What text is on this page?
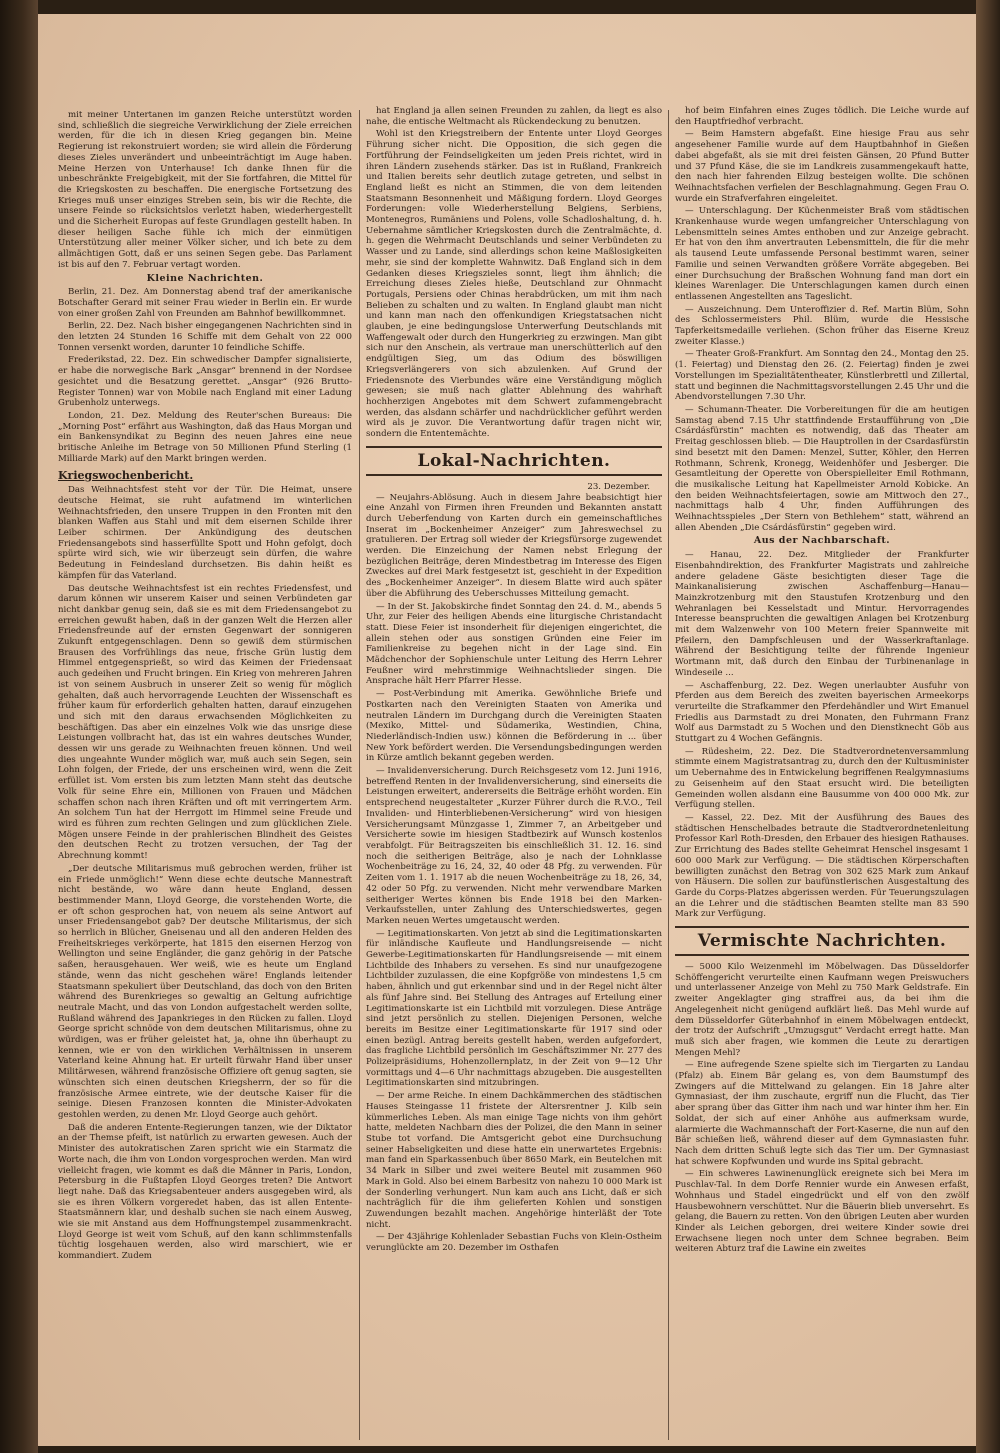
mit meiner Untertanen im ganzen Reiche unterstützt worden sind, schließlich die siegreiche Verwirklichung der Ziele erreichen werden, für die ich in diesen Krieg gegangen bin. Meine Regierung ist rekonstruiert worden; sie wird allein die Förderung dieses Zieles unverändert und unbeeinträchtigt im Auge haben. Meine Herzen von Unterhause! Ich danke Ihnen für die unbeschränkte Freigebigkeit, mit der Sie fortfahren, die Mittel für die Kriegskosten zu beschaffen. Die energische Fortsetzung des Krieges muß unser einziges Streben sein, bis wir die Rechte, die unsere Feinde so rücksichtslos verletzt haben, wiederhergestellt und die Sicherheit Europas auf feste Grundlagen gestellt haben. In dieser heiligen Sache fühle ich mich der einmütigen Unterstützung aller meiner Völker sicher, und ich bete zu dem allmächtigen Gott, daß er uns seinen Segen gebe. Das Parlament ist bis auf den 7. Februar vertagt worden.

Kleine Nachrichten.

Berlin, 21. Dez. Am Donnerstag abend traf der amerikanische Botschafter Gerard mit seiner Frau wieder in Berlin ein. Er wurde von einer großen Zahl von Freunden am Bahnhof bewillkommnet.

Berlin, 22. Dez. Nach bisher eingegangenen Nachrichten sind in den letzten 24 Stunden 16 Schiffe mit dem Gehalt von 22 000 Tonnen versenkt worden, darunter 10 feindliche Schiffe.

Frederikstad, 22. Dez. Ein schwedischer Dampfer signalisierte, er habe die norwegische Bark „Ansgar“ brennend in der Nordsee gesichtet und die Besatzung gerettet. „Ansgar“ (926 Brutto-Register Tonnen) war von Mobile nach England mit einer Ladung Grubenholz unterwegs.

London, 21. Dez. Meldung des Reuter'schen Bureaus: Die „Morning Post“ erfährt aus Washington, daß das Haus Morgan und ein Bankensyndikat zu Beginn des neuen Jahres eine neue britische Anleihe im Betrage von 50 Millionen Pfund Sterling (1 Milliarde Mark) auf den Markt bringen werden.

Kriegswochenbericht.

Das Weihnachtsfest steht vor der Tür. Die Heimat, unsere deutsche Heimat, sie ruht aufatmend im winterlichen Weihnachtsfrieden, den unsere Truppen in den Fronten mit den blanken Waffen aus Stahl und mit dem eisernen Schilde ihrer Leiber schirmen. Der Ankündigung des deutschen Friedensangebots sind hasserfüllte Spott und Hohn gefolgt, doch spürte wird sich, wie wir überzeugt sein dürfen, die wahre Bedeutung in Feindesland durchsetzen. Bis dahin heißt es kämpfen für das Vaterland.

Das deutsche Weihnachtsfest ist ein rechtes Friedensfest, und darum können wir unserem Kaiser und seinen Verbündeten gar nicht dankbar genug sein, daß sie es mit dem Friedensangebot zu erreichen gewußt haben, daß in der ganzen Welt die Herzen aller Friedensfreunde auf der ernsten Gegenwart der sonnigeren Zukunft entgegenschlagen. Denn so gewiß dem stürmischen Brausen des Vorfrühlings das neue, frische Grün lustig dem Himmel entgegensprießt, so wird das Keimen der Friedensaat auch gedeihen und Frucht bringen. Ein Krieg von mehreren Jahren ist von seinem Ausbruch in unserer Zeit so wenig für möglich gehalten, daß auch hervorragende Leuchten der Wissenschaft es früher kaum für erforderlich gehalten hatten, darauf einzugehen und sich mit den daraus erwachsenden Möglichkeiten zu beschäftigen. Das aber ein einzelnes Volk wie das unsrige diese Leistungen vollbracht hat, das ist ein wahres deutsches Wunder, dessen wir uns gerade zu Weihnachten freuen können. Und weil dies ungeahnte Wunder möglich war, muß auch sein Segen, sein Lohn folgen, der Friede, der uns erscheinen wird, wenn die Zeit erfüllet ist. Vom ersten bis zum letzten Mann steht das deutsche Volk für seine Ehre ein, Millionen von Frauen und Mädchen schaffen schon nach ihren Kräften und oft mit verringertem Arm. An solchem Tun hat der Herrgott im Himmel seine Freude und wird es führen zum rechten Gelingen und zum glücklichen Ziele. Mögen unsere Feinde in der prahlerischen Blindheit des Geistes den deutschen Recht zu trotzen versuchen, der Tag der Abrechnung kommt!

„Der deutsche Militarismus muß gebrochen werden, früher ist ein Friede unmöglich!“ Wenn diese echte deutsche Mannestraft nicht bestände, wo wäre dann heute England, dessen bestimmender Mann, Lloyd George, die vorstehenden Worte, die er oft schon gesprochen hat, von neuem als seine Antwort auf unser Friedensangebot gab? Der deutsche Militarismus, der sich so herrlich in Blücher, Gneisenau und all den anderen Helden des Freiheitskrieges verkörperte, hat 1815 den eisernen Herzog von Wellington und seine Engländer, die ganz gehörig in der Patsche saßen, herausgehauen. Wer weiß, wie es heute um England stände, wenn das nicht geschehen wäre! Englands leitender Staatsmann spekuliert über Deutschland, das doch von den Briten während des Burenkrieges so gewaltig an Geltung aufrichtige neutrale Macht, und das von London aufgestachelt werden sollte, Rußland während des Japankrieges in den Rücken zu fallen. Lloyd George spricht schnöde von dem deutschen Militarismus, ohne zu würdigen, was er früher geleistet hat, ja, ohne ihn überhaupt zu kennen, wie er von den wirklichen Verhältnissen in unserem Vaterland keine Ahnung hat. Er urteilt fürwahr Hand über unser Militärwesen, während französische Offiziere oft genug sagten, sie wünschten sich einen deutschen Kriegsherrn, der so für die französische Armee eintrete, wie der deutsche Kaiser für die seinige. Diesen Franzosen konnten die Minister-Advokaten gestohlen werden, zu denen Mr. Lloyd George auch gehört.

Daß die anderen Entente-Regierungen tanzen, wie der Diktator an der Themse pfeift, ist natürlich zu erwarten gewesen. Auch der Minister des autokratischen Zaren spricht wie ein Starmatz die Worte nach, die ihm von London vorgesprochen werden. Man wird vielleicht fragen, wie kommt es daß die Männer in Paris, London, Petersburg in die Fußtapfen Lloyd Georges treten? Die Antwort liegt nahe. Daß das Kriegsabenteuer anders ausgegeben wird, als sie es ihren Völkern vorgeredet haben, das ist allen Entente-Staatsmännern klar, und deshalb suchen sie nach einem Ausweg, wie sie mit Anstand aus dem Hoffnungstempel zusammenkracht. Lloyd George ist weit vom Schuß, auf den kann schlimmstenfalls tüchtig losgehauen werden, also wird marschiert, wie er kommandiert. Zudem

hat England ja allen seinen Freunden zu zahlen, da liegt es also nahe, die entische Weltmacht als Rückendeckung zu benutzen.

Wohl ist den Kriegstreibern der Entente unter Lloyd Georges Führung sicher nicht. Die Opposition, die sich gegen die Fortführung der Feindseligkeiten um jeden Preis richtet, wird in ihren Ländern zusehends stärker. Das ist in Rußland, Frankreich und Italien bereits sehr deutlich zutage getreten, und selbst in England ließt es nicht an Stimmen, die von dem leitenden Staatsmann Besonnenheit und Mäßigung fordern. Lloyd Georges Forderungen: volle Wiederherstellung Belgiens, Serbiens, Montenegros, Rumäniens und Polens, volle Schadloshaltung, d. h. Uebernahme sämtlicher Kriegskosten durch die Zentralmächte, d. h. gegen die Wehrmacht Deutschlands und seiner Verbündeten zu Wasser und zu Lande, sind allerdings schon keine Maßlosigkeiten mehr, sie sind der komplette Wahnwitz. Daß England sich in dem Gedanken dieses Kriegszieles sonnt, liegt ihm ähnlich; die Erreichung dieses Zieles hieße, Deutschland zur Ohnmacht Portugals, Persiens oder Chinas herabdrücken, um mit ihm nach Belieben zu schalten und zu walten. In England glaubt man nicht und kann man nach den offenkundigen Kriegstatsachen nicht glauben, je eine bedingungslose Unterwerfung Deutschlands mit Waffengewalt oder durch den Hungerkrieg zu erzwingen. Man gibt sich nur den Anschein, als vertraue man unerschütterlich auf den endgültigen Sieg, um das Odium des böswilligen Kriegsverlängerers von sich abzulenken. Auf Grund der Friedensnote des Vierbundes wäre eine Verständigung möglich gewesen; sie muß nach glatter Ablehnung des wahrhaft hochherzigen Angebotes mit dem Schwert zufammengebracht werden, das alsdann schärfer und nachdrücklicher geführt werden wird als je zuvor. Die Verantwortung dafür tragen nicht wir, sondern die Ententemächte.

Lokal-Nachrichten.
23. Dezember.

— Neujahrs-Ablösung. Auch in diesem Jahre beabsichtigt hier eine Anzahl von Firmen ihren Freunden und Bekannten anstatt durch Ueberfendung von Karten durch ein gemeinschaftliches Inserat im „Bockenheimer Anzeiger“ zum Jahreswechsel zu gratulieren. Der Ertrag soll wieder der Kriegsfürsorge zugewendet werden. Die Einzeichung der Namen nebst Erlegung der bezüglichen Beiträge, deren Mindestbetrag im Interesse des Eigen Zweckes auf drei Mark festgesetzt ist, geschieht in der Expedition des „Bockenheimer Anzeiger“. In diesem Blatte wird auch später über die Abführung des Ueberschusses Mitteilung gemacht.

— In der St. Jakobskirche findet Sonntag den 24. d. M., abends 5 Uhr, zur Feier des heiligen Abends eine liturgische Christandacht statt. Diese Feier ist insonderheit für diejenigen eingerichtet, die allein stehen oder aus sonstigen Gründen eine Feier im Familienkreise zu begehen nicht in der Lage sind. Ein Mädchenchor der Sophienschule unter Leitung des Herrn Lehrer Feußner wird mehrstimmige Weihnachtslieder singen. Die Ansprache hält Herr Pfarrer Hesse.

— Post-Verbindung mit Amerika. Gewöhnliche Briefe und Postkarten nach den Vereinigten Staaten von Amerika und neutralen Ländern im Durchgang durch die Vereinigten Staaten (Mexiko, Mittel- und Südamerika, Westindien, China, Niederländisch-Indien usw.) können die Beförderung in ... über New York befördert werden. Die Versendungsbedingungen werden in Kürze amtlich bekannt gegeben werden.

— Invalidenversicherung. Durch Reichsgesetz vom 12. Juni 1916, betreffend Renten in der Invalidenversicherung, sind einerseits die Leistungen erweitert, andererseits die Beiträge erhöht worden. Ein entsprechend neugestalteter „Kurzer Führer durch die R.V.O., Teil Invaliden- und Hinterbliebenen-Versicherung“ wird von hiesigen Versicherungsamt Münzgasse 1, Zimmer 7, an Arbeitgeber und Versicherte sowie im hiesigen Stadtbezirk auf Wunsch kostenlos verabfolgt. Für Beitragszeiten bis einschließlich 31. 12. 16. sind noch die seitherigen Beiträge, also je nach der Lohnklasse Wochenbeiträge zu 16, 24, 32, 40 oder 48 Pfg. zu verwenden. Für Zeiten vom 1. 1. 1917 ab die neuen Wochenbeiträge zu 18, 26, 34, 42 oder 50 Pfg. zu verwenden. Nicht mehr verwendbare Marken seitheriger Wertes können bis Ende 1918 bei den Marken-Verkaufsstellen, unter Zahlung des Unterschiedswertes, gegen Marken neuen Wertes umgetauscht werden.

— Legitimationskarten. Von jetzt ab sind die Legitimationskarten für inländische Kaufleute und Handlungsreisende — nicht Gewerbe-Legitimationskarten für Handlungsreisende — mit einem Lichtbilde des Inhabers zu versehen. Es sind nur unaufgezogene Lichtbilder zuzulassen, die eine Kopfgröße von mindestens 1,5 cm haben, ähnlich und gut erkennbar sind und in der Regel nicht älter als fünf Jahre sind. Bei Stellung des Antrages auf Erteilung einer Legitimationskarte ist ein Lichtbild mit vorzulegen. Diese Anträge sind jetzt persönlich zu stellen. Diejenigen Personen, welche bereits im Besitze einer Legitimationskarte für 1917 sind oder einen bezügl. Antrag bereits gestellt haben, werden aufgefordert, das fragliche Lichtbild persönlich im Geschäftszimmer Nr. 277 des Polizeipräsidiums, Hohenzollernplatz, in der Zeit von 9—12 Uhr vormittags und 4—6 Uhr nachmittags abzugeben. Die ausgestellten Legitimationskarten sind mitzubringen.

— Der arme Reiche. In einem Dachkämmerchen des städtischen Hauses Steingasse 11 fristete der Altersrentner J. Kilb sein kümmerliches Leben. Als man einige Tage nichts von ihm gehört hatte, meldeten Nachbarn dies der Polizei, die den Mann in seiner Stube tot vorfand. Die Amtsgericht gebot eine Durchsuchung seiner Habseligkeiten und diese hatte ein unerwartetes Ergebnis: man fand ein Sparkassenbuch über 8650 Mark, ein Beutelchen mit 34 Mark in Silber und zwei weitere Beutel mit zusammen 960 Mark in Gold. Also bei einem Barbesitz von nahezu 10 000 Mark ist der Sonderling verhungert. Nun kam auch ans Licht, daß er sich nachträglich für die ihm gelieferten Kohlen und sonstigen Zuwendungen bezahlt machen. Angehörige hinterläßt der Tote nicht.

— Der 43jährige Kohlenlader Sebastian Fuchs von Klein-Ostheim verunglückte am 20. Dezember im Osthafen

hof beim Einfahren eines Zuges tödlich. Die Leiche wurde auf den Hauptfriedhof verbracht.

— Beim Hamstern abgefaßt. Eine hiesige Frau aus sehr angesehener Familie wurde auf dem Hauptbahnhof in Gießen dabei abgefaßt, als sie mit drei feisten Gänsen, 20 Pfund Butter und 37 Pfund Käse, die sie im Landkreis zusammengekauft hatte, den nach hier fahrenden Eilzug besteigen wollte. Die schönen Weihnachtsfachen verfielen der Beschlagnahmung. Gegen Frau O. wurde ein Strafverfahren eingeleitet.

— Unterschlagung. Der Küchenmeister Braß vom städtischen Krankenhause wurde wegen umfangreicher Unterschlagung von Lebensmitteln seines Amtes enthoben und zur Anzeige gebracht. Er hat von den ihm anvertrauten Lebensmitteln, die für die mehr als tausend Leute umfassende Personal bestimmt waren, seiner Familie und seinen Verwandten größere Vorräte abgegeben. Bei einer Durchsuchung der Braßschen Wohnung fand man dort ein kleines Warenlager. Die Unterschlagungen kamen durch einen entlassenen Angestellten ans Tageslicht.

— Auszeichnung. Dem Unteroffizier d. Ref. Martin Blüm, Sohn des Schlossermeisters Phil. Blüm, wurde die Hessische Tapferkeitsmedaille verliehen. (Schon früher das Eiserne Kreuz zweiter Klasse.)

— Theater Groß-Frankfurt. Am Sonntag den 24., Montag den 25. (1. Feiertag) und Dienstag den 26. (2. Feiertag) finden je zwei Vorstellungen im Spezialitätentheater, Künstlerbrettl und Zillertal, statt und beginnen die Nachmittagsvorstellungen 2.45 Uhr und die Abendvorstellungen 7.30 Uhr.

— Schumann-Theater. Die Vorbereitungen für die am heutigen Samstag abend 7.15 Uhr stattfindende Erstaufführung von „Die Csárdásfürstin“ machten es notwendig, daß das Theater am Freitag geschlossen blieb. — Die Hauptrollen in der Csardasfürstin sind besetzt mit den Damen: Menzel, Sutter, Köhler, den Herren Rothmann, Schrenk, Kronegg, Weidenhöfer und Jesberger. Die Gesamtleitung der Operette von Oberspielleiter Emil Rothmann, die musikalische Leitung hat Kapellmeister Arnold Kobicke. An den beiden Weihnachtsfeiertagen, sowie am Mittwoch den 27., nachmittags halb 4 Uhr, finden Aufführungen des Weihnachtsspieles „Der Stern von Bethlehem“ statt, während an allen Abenden „Die Csárdásfürstin“ gegeben wird.

Aus der Nachbarschaft.

— Hanau, 22. Dez. Mitglieder der Frankfurter Eisenbahndirektion, des Frankfurter Magistrats und zahlreiche andere geladene Gäste besichtigten dieser Tage die Mainkanalisierung zwischen Aschaffenburg—Hanau—Mainzkrotzenburg mit den Staustufen Krotzenburg und den Wehranlagen bei Kesselstadt und Mintur. Hervorragendes Interesse beanspruchten die gewaltigen Anlagen bei Krotzenburg mit dem Walzenwehr von 100 Metern freier Spannweite mit Pfeilern, den Dampfschleusen und der Wasserkraftanlage. Während der Besichtigung teilte der führende Ingenieur Wortmann mit, daß durch den Einbau der Turbinenanlage in Windeseile ...

— Aschaffenburg, 22. Dez. Wegen unerlaubter Ausfuhr von Pferden aus dem Bereich des zweiten bayerischen Armeekorps verurteilte die Strafkammer den Pferdehändler und Wirt Emanuel Friedlis aus Darmstadt zu drei Monaten, den Fuhrmann Franz Wolf aus Darmstadt zu 5 Wochen und den Dienstknecht Göb aus Stuttgart zu 4 Wochen Gefängnis.

— Rüdesheim, 22. Dez. Die Stadtverordnetenversammlung stimmte einem Magistratsantrag zu, durch den der Kultusminister um Uebernahme des in Entwickelung begriffenen Realgymnasiums zu Geisenheim auf den Staat ersucht wird. Die beteiligten Gemeinden wollen alsdann eine Bausumme von 400 000 Mk. zur Verfügung stellen.

— Kassel, 22. Dez. Mit der Ausführung des Baues des städtischen Henschelbades betraute die Stadtverordnetenleitung Professor Karl Roth-Dresden, den Erbauer des hiesigen Rathauses. Zur Errichtung des Bades stellte Geheimrat Henschel insgesamt 1 600 000 Mark zur Verfügung. — Die städtischen Körperschaften bewilligten zunächst den Betrag von 302 625 Mark zum Ankauf von Häusern. Die sollen zur baufünstlerischen Ausgestaltung des Garde du Corps-Platzes abgerissen werden. Für Teuerungszulagen an die Lehrer und die städtischen Beamten stellte man 83 590 Mark zur Verfügung.

Vermischte Nachrichten.

— 5000 Kilo Weizenmehl im Möbelwagen. Das Düsseldorfer Schöffengericht verurteilte einen Kaufmann wegen Preiswuchers und unterlassener Anzeige von Mehl zu 750 Mark Geldstrafe. Ein zweiter Angeklagter ging straffrei aus, da bei ihm die Angelegenheit nicht genügend aufklärt ließ. Das Mehl wurde auf dem Düsseldorfer Güterbahnhof in einem Möbelwagen entdeckt, der trotz der Aufschrift „Umzugsgut“ Verdacht erregt hatte. Man muß sich aber fragen, wie kommen die Leute zu derartigen Mengen Mehl?

— Eine aufregende Szene spielte sich im Tiergarten zu Landau (Pfalz) ab. Einem Bär gelang es, von dem Baumstumpf des Zwingers auf die Mittelwand zu gelangen. Ein 18 Jahre alter Gymnasiast, der ihm zuschaute, ergriff nun die Flucht, das Tier aber sprang über das Gitter ihm nach und war hinter ihm her. Ein Soldat, der sich auf einer Anhöhe aus aufmerksam wurde, alarmierte die Wachmannschaft der Fort-Kaserne, die nun auf den Bär schießen ließ, während dieser auf dem Gymnasiasten fuhr. Nach dem dritten Schuß legte sich das Tier um. Der Gymnasiast hat schwere Kopfwunden und wurde ins Spital gebracht.

— Ein schweres Lawinenunglück ereignete sich bei Mera im Puschlav-Tal. In dem Dorfe Rennier wurde ein Anwesen erfaßt, Wohnhaus und Stadel eingedrückt und elf von den zwölf Hausbewohnern verschüttet. Nur die Bäuerin blieb unversehrt. Es gelang, die Bauern zu retten. Von den übrigen Leuten aber wurden Kinder als Leichen geborgen, drei weitere Kinder sowie drei Erwachsene liegen noch unter dem Schnee begraben. Beim weiteren Abturz traf die Lawine ein zweites
